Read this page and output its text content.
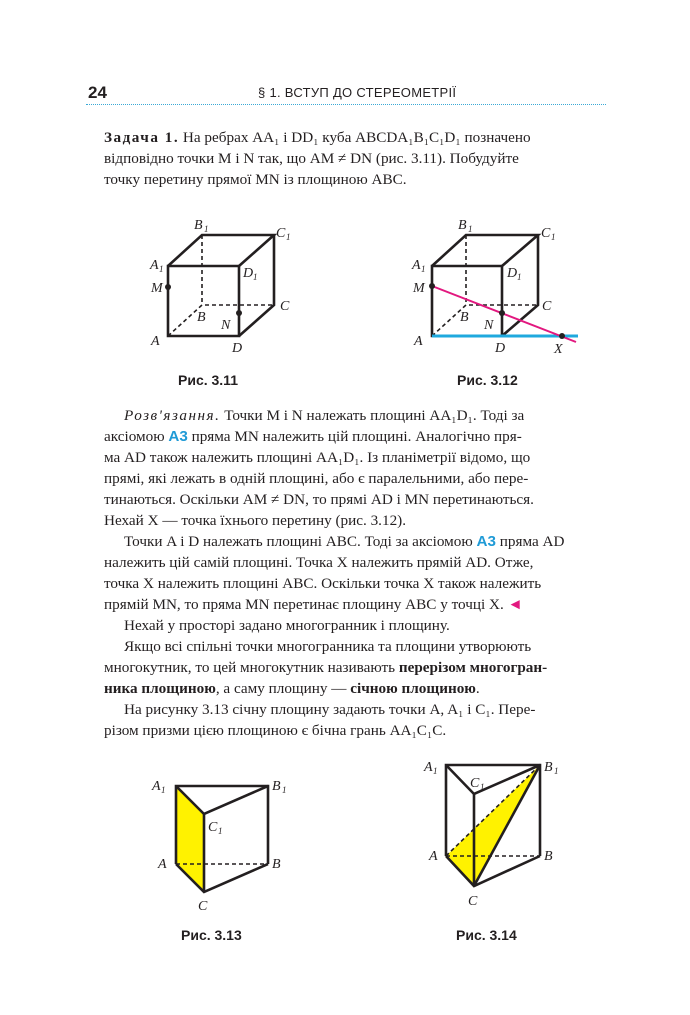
24	§ 1. ВСТУП ДО СТЕРЕОМЕТРІЇ

Задача 1. На ребрах AA₁ і DD₁ куба ABCDA₁B₁C₁D₁ позначено
відповідно точки M і N так, що AM ≠ DN (рис. 3.11). Побудуйте
точку перетину прямої MN із площиною ABC.

B 1	C 1
A 1	D 1
M
C
B
N
A	D
B 1	C 1
A 1	D 1
M
C
B
N
A	D	X
A 1	B 1
C 1
A	B
C
A 1	B 1
C 1
A	B
C
Рис. 3.11	Рис. 3.12

Розв'язання. Точки M і N належать площині AA₁D₁. Тоді за
аксіомою A3 пряма MN належить цій площині. Аналогічно пря-
ма AD також належить площині AA₁D₁. Із планіметрії відомо, що
прямі, які лежать в одній площині, або є паралельними, або пере-
тинаються. Оскільки AM ≠ DN, то прямі AD і MN перетинаються.
Нехай X — точка їхнього перетину (рис. 3.12).

Точки A і D належать площині ABC. Тоді за аксіомою A3 пряма AD
належить цій самій площині. Точка X належить прямій AD. Отже,
точка X належить площині ABC. Оскільки точка X також належить
прямій MN, то пряма MN перетинає площину ABC у точці X. ◄

Нехай у просторі задано многогранник і площину.

Якщо всі спільні точки многогранника та площини утворюють
многокутник, то цей многокутник називають перерізом многогран-
ника площиною, а саму площину — січною площиною.

На рисунку 3.13 січну площину задають точки A, A₁ і C₁. Пере-
різом призми цією площиною є бічна грань AA₁C₁C.

Рис. 3.13	Рис. 3.14
